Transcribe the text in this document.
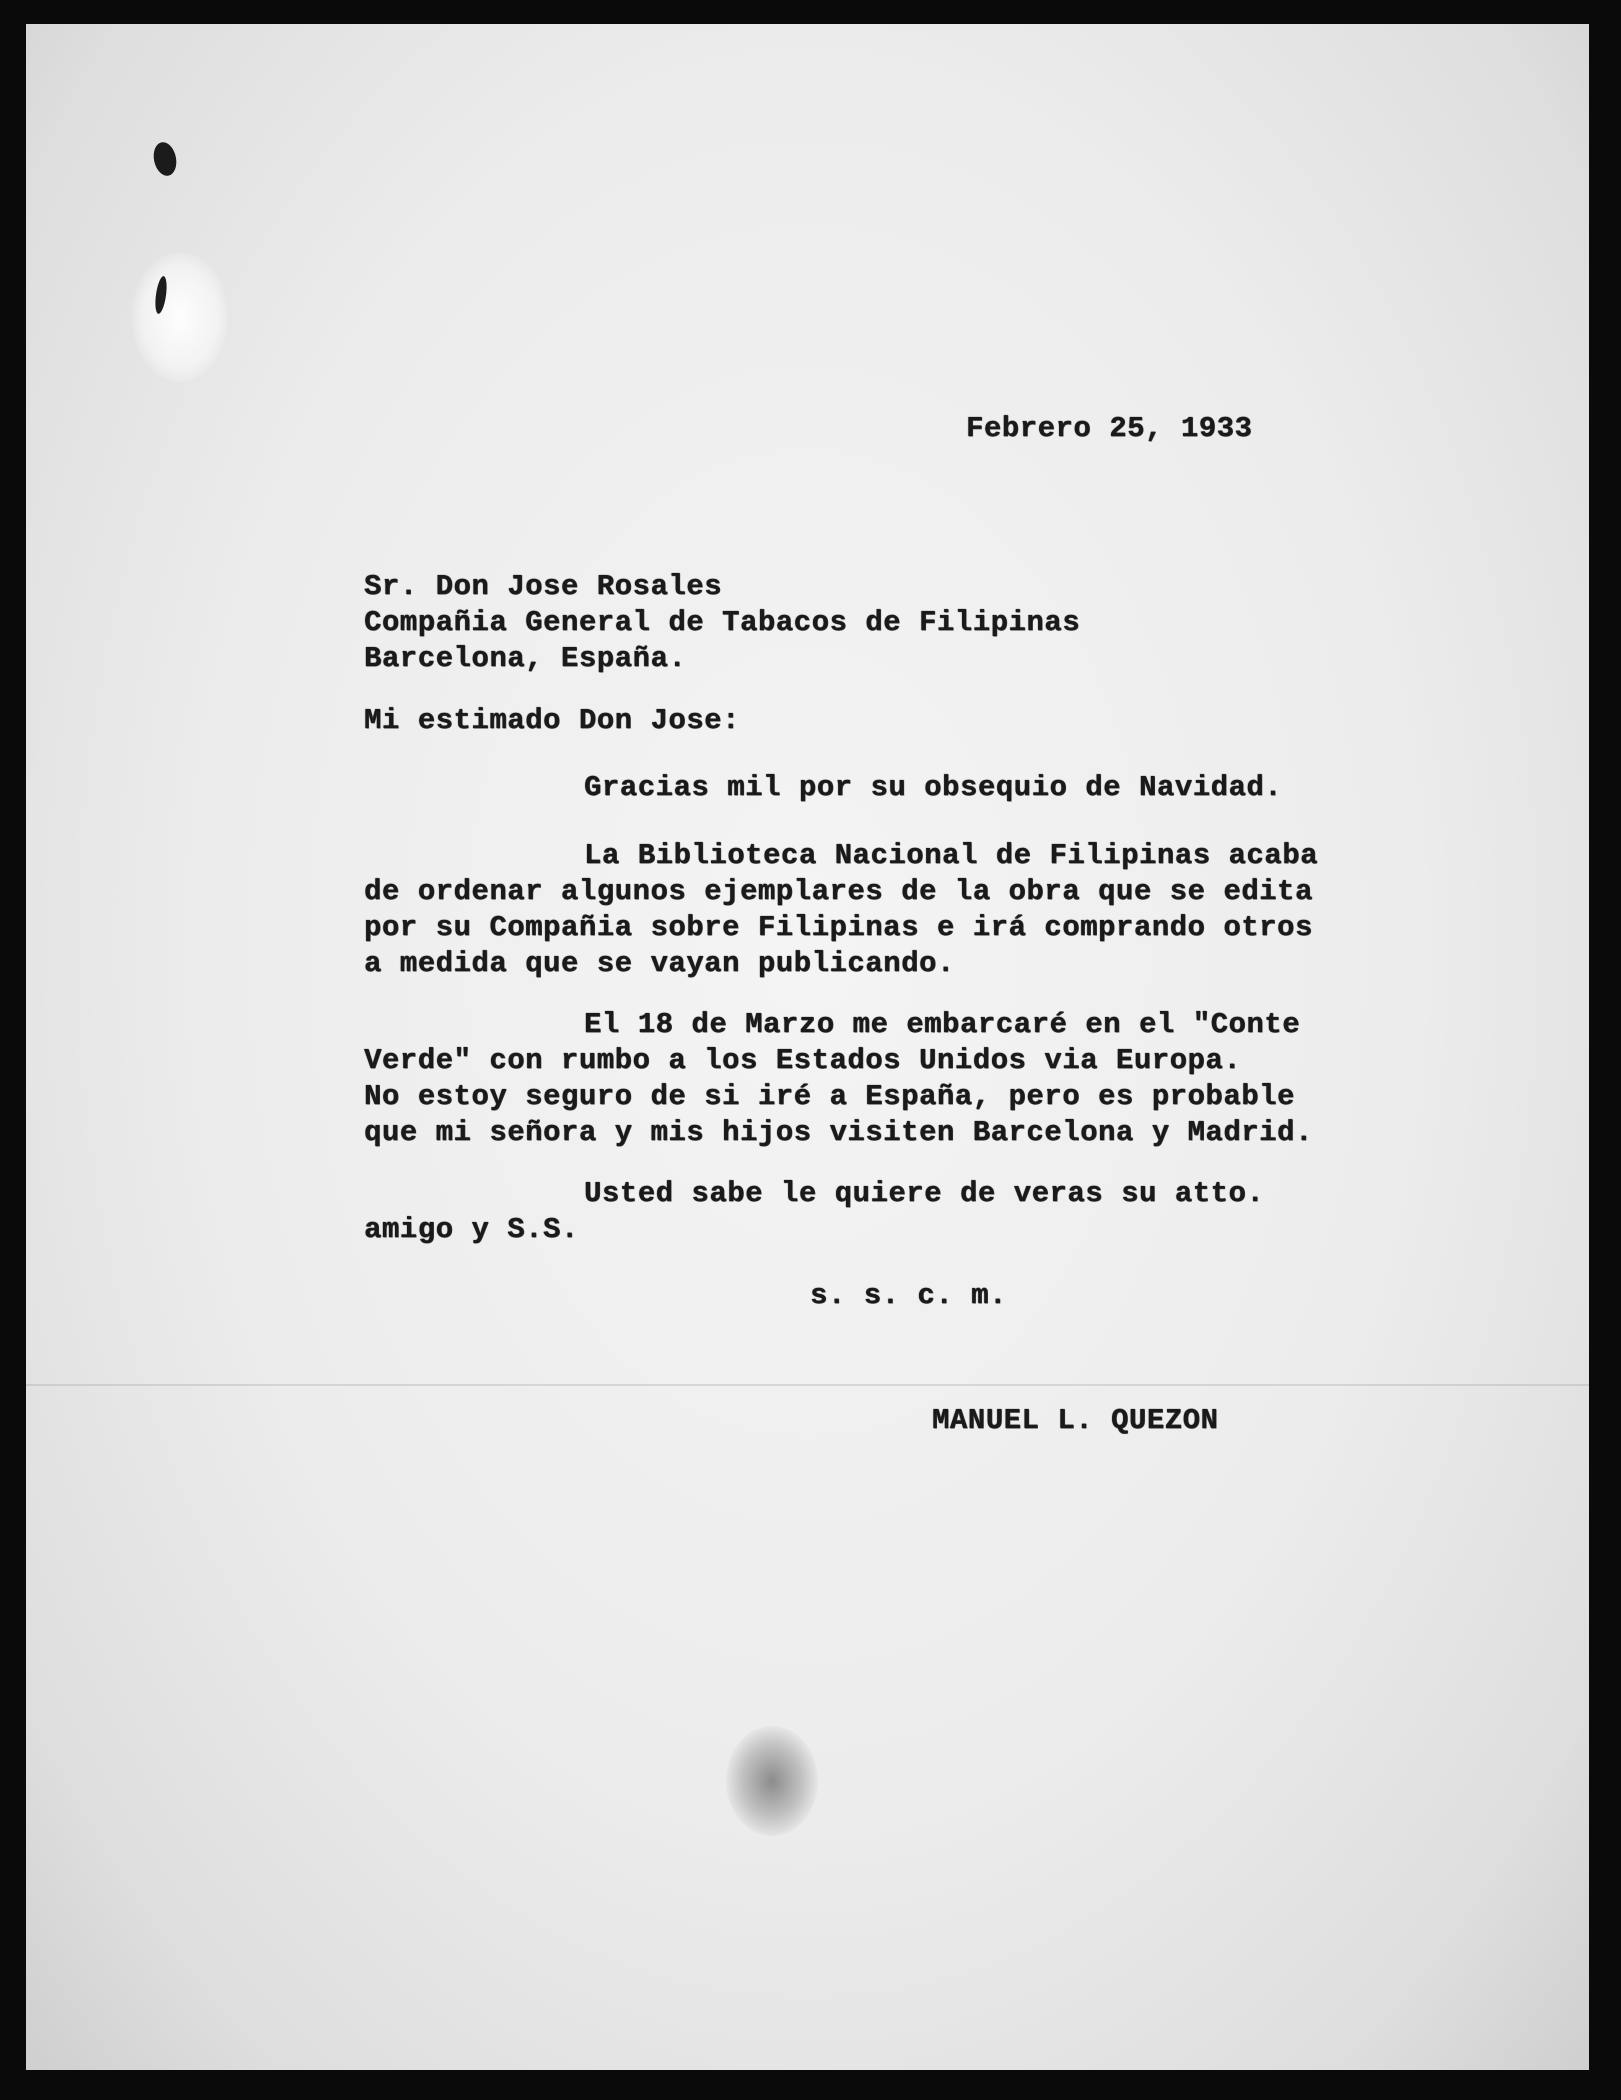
Febrero 25, 1933
Sr. Don Jose Rosales
Compañia General de Tabacos de Filipinas
Barcelona, España.
Mi estimado Don Jose:
Gracias mil por su obsequio de Navidad.
La Biblioteca Nacional de Filipinas acaba
de ordenar algunos ejemplares de la obra que se edita
por su Compañia sobre Filipinas e irá comprando otros
a medida que se vayan publicando.
El 18 de Marzo me embarcaré en el "Conte
Verde" con rumbo a los Estados Unidos via Europa.
No estoy seguro de si iré a España, pero es probable
que mi señora y mis hijos visiten Barcelona y Madrid.
Usted sabe le quiere de veras su atto.
amigo y S.S.
s. s. c. m.
MANUEL L. QUEZON
